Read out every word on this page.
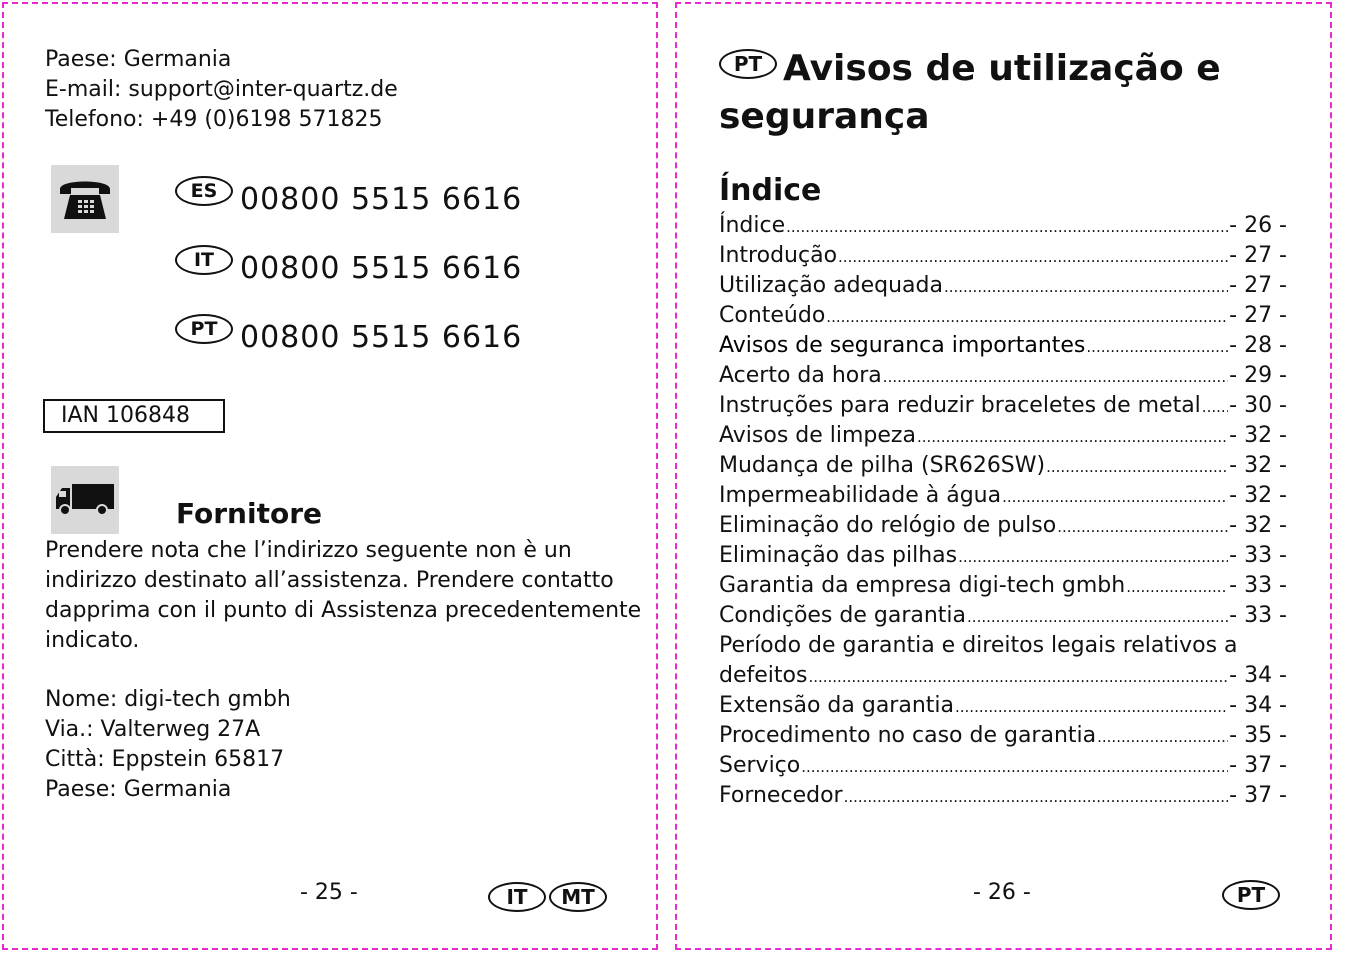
Paese: Germania
E-mail: support@inter-quartz.de
Telefono: +49 (0)6198 571825
ES 00800 5515 6616
IT 00800 5515 6616
PT 00800 5515 6616
IAN 106848
Fornitore
Prendere nota che l’indirizzo seguente non è un
indirizzo destinato all’assistenza. Prendere contatto
dapprima con il punto di Assistenza precedentemente
indicato.
Nome: digi-tech gmbh
Via.: Valterweg 27A
Città: Eppstein 65817
Paese: Germania
- 25 -	IT	MT
PT Avisos de utilização e
segurança
Índice
Índice .....	- 26 -
Introdução .....	- 27 -
Utilização adequada .....	- 27 -
Conteúdo .....	- 27 -
Avisos de seguranca importantes .....	- 28 -
Acerto da hora .....	- 29 -
Instruções para reduzir braceletes de metal ..... - 30 -
Avisos de limpeza .....	- 32 -
Mudança de pilha (SR626SW) .....	- 32 -
Impermeabilidade à água .....	- 32 -
Eliminação do relógio de pulso .....	- 32 -
Eliminação das pilhas .....	- 33 -
Garantia da empresa digi-tech gmbh .....	- 33 -
Condições de garantia .....	- 33 -
Período de garantia e direitos legais relativos a
defeitos .....	- 34 -
Extensão da garantia .....	- 34 -
Procedimento no caso de garantia .....	- 35 -
Serviço .....	- 37 -
Fornecedor .....	- 37 -
- 26 -	PT
